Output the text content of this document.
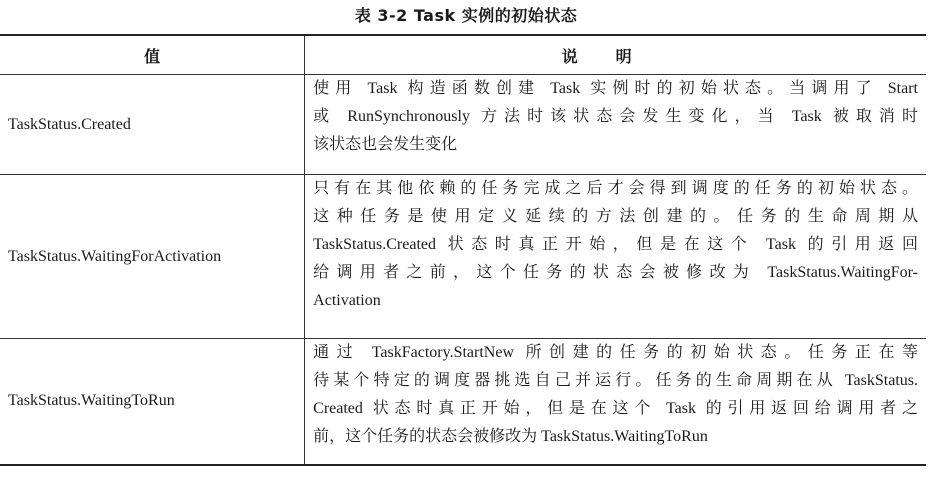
表 3-2 Task 实例的初始状态
值	说明
TaskStatus.Created	使用 Task 构造函数创建 Task 实例时的初始状态。当调用了 Start
或 RunSynchronously 方法时该状态会发生变化，当 Task 被取消时
该状态也会发生变化

TaskStatus.WaitingForActivation	只有在其他依赖的任务完成之后才会得到调度的任务的初始状态。
这种任务是使用定义延续的方法创建的。任务的生命周期从
TaskStatus.Created 状态时真正开始，但是在这个 Task 的引用返回
给调用者之前，这个任务的状态会被修改为 TaskStatus.WaitingFor-
Activation

TaskStatus.WaitingToRun	通过 TaskFactory.StartNew 所创建的任务的初始状态。任务正在等
待某个特定的调度器挑选自己并运行。任务的生命周期在从 TaskStatus.
Created 状态时真正开始，但是在这个 Task 的引用返回给调用者之
前，这个任务的状态会被修改为 TaskStatus.WaitingToRun
